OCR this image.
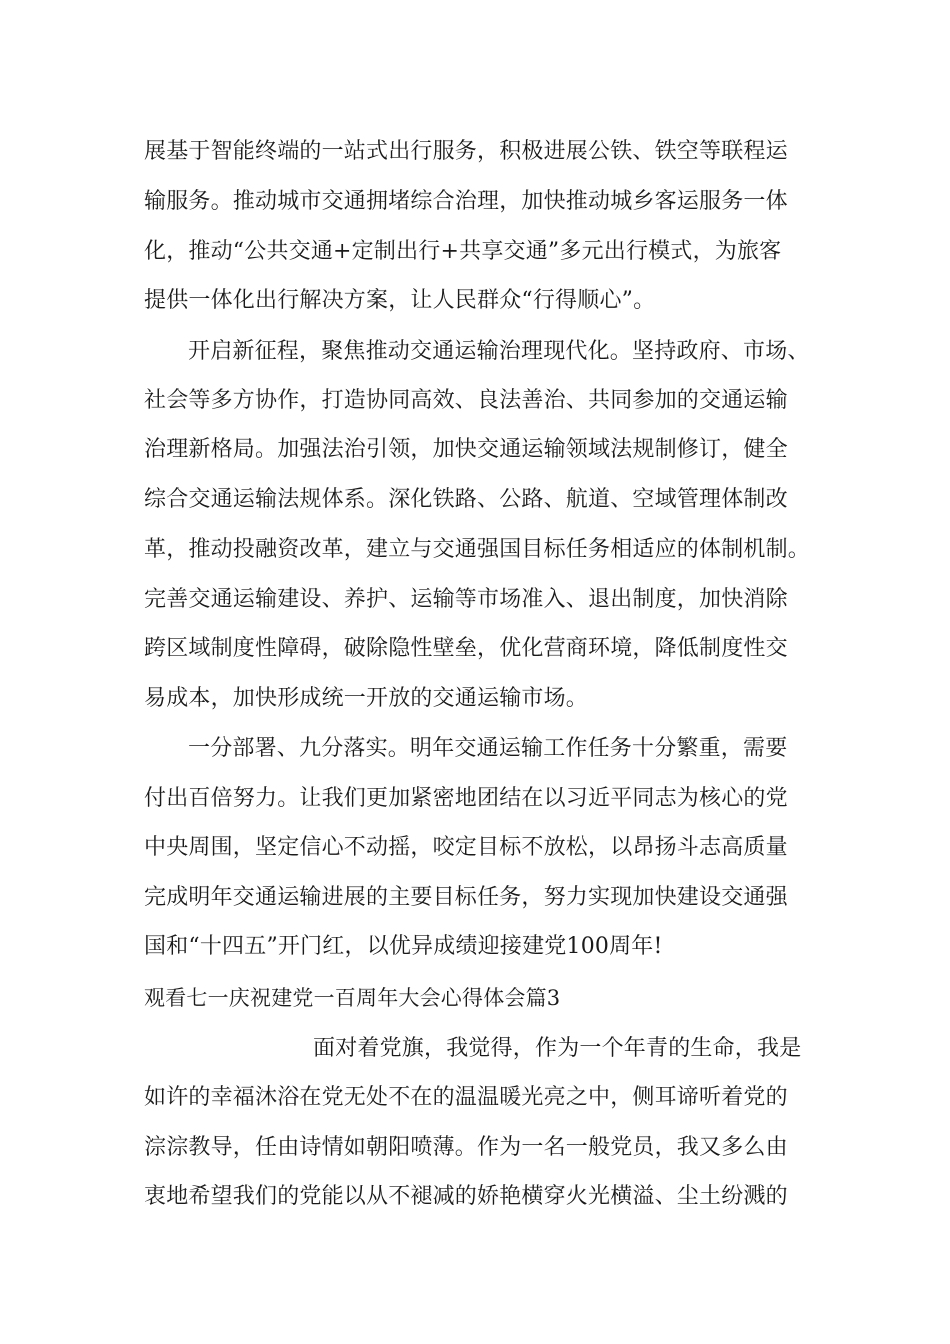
展基于智能终端的一站式出行服务，积极进展公铁、铁空等联程运
输服务。推动城市交通拥堵综合治理，加快推动城乡客运服务一体
化，推动“公共交通+定制出行+共享交通”多元出行模式，为旅客
提供一体化出行解决方案，让人民群众“行得顺心”。
开启新征程，聚焦推动交通运输治理现代化。坚持政府、市场、
社会等多方协作，打造协同高效、良法善治、共同参加的交通运输
治理新格局。加强法治引领，加快交通运输领域法规制修订，健全
综合交通运输法规体系。深化铁路、公路、航道、空域管理体制改
革，推动投融资改革，建立与交通强国目标任务相适应的体制机制。
完善交通运输建设、养护、运输等市场准入、退出制度，加快消除
跨区域制度性障碍，破除隐性壁垒，优化营商环境，降低制度性交
易成本，加快形成统一开放的交通运输市场。
一分部署、九分落实。明年交通运输工作任务十分繁重，需要
付出百倍努力。让我们更加紧密地团结在以习近平同志为核心的党
中央周围，坚定信心不动摇，咬定目标不放松，以昂扬斗志高质量
完成明年交通运输进展的主要目标任务，努力实现加快建设交通强
国和“十四五”开门红，以优异成绩迎接建党100周年!
观看七一庆祝建党一百周年大会心得体会篇3
面对着党旗，我觉得，作为一个年青的生命，我是
如许的幸福沐浴在党无处不在的温温暖光亮之中，侧耳谛听着党的
淙淙教导，任由诗情如朝阳喷薄。作为一名一般党员，我又多么由
衷地希望我们的党能以从不褪减的娇艳横穿火光横溢、尘土纷溅的
